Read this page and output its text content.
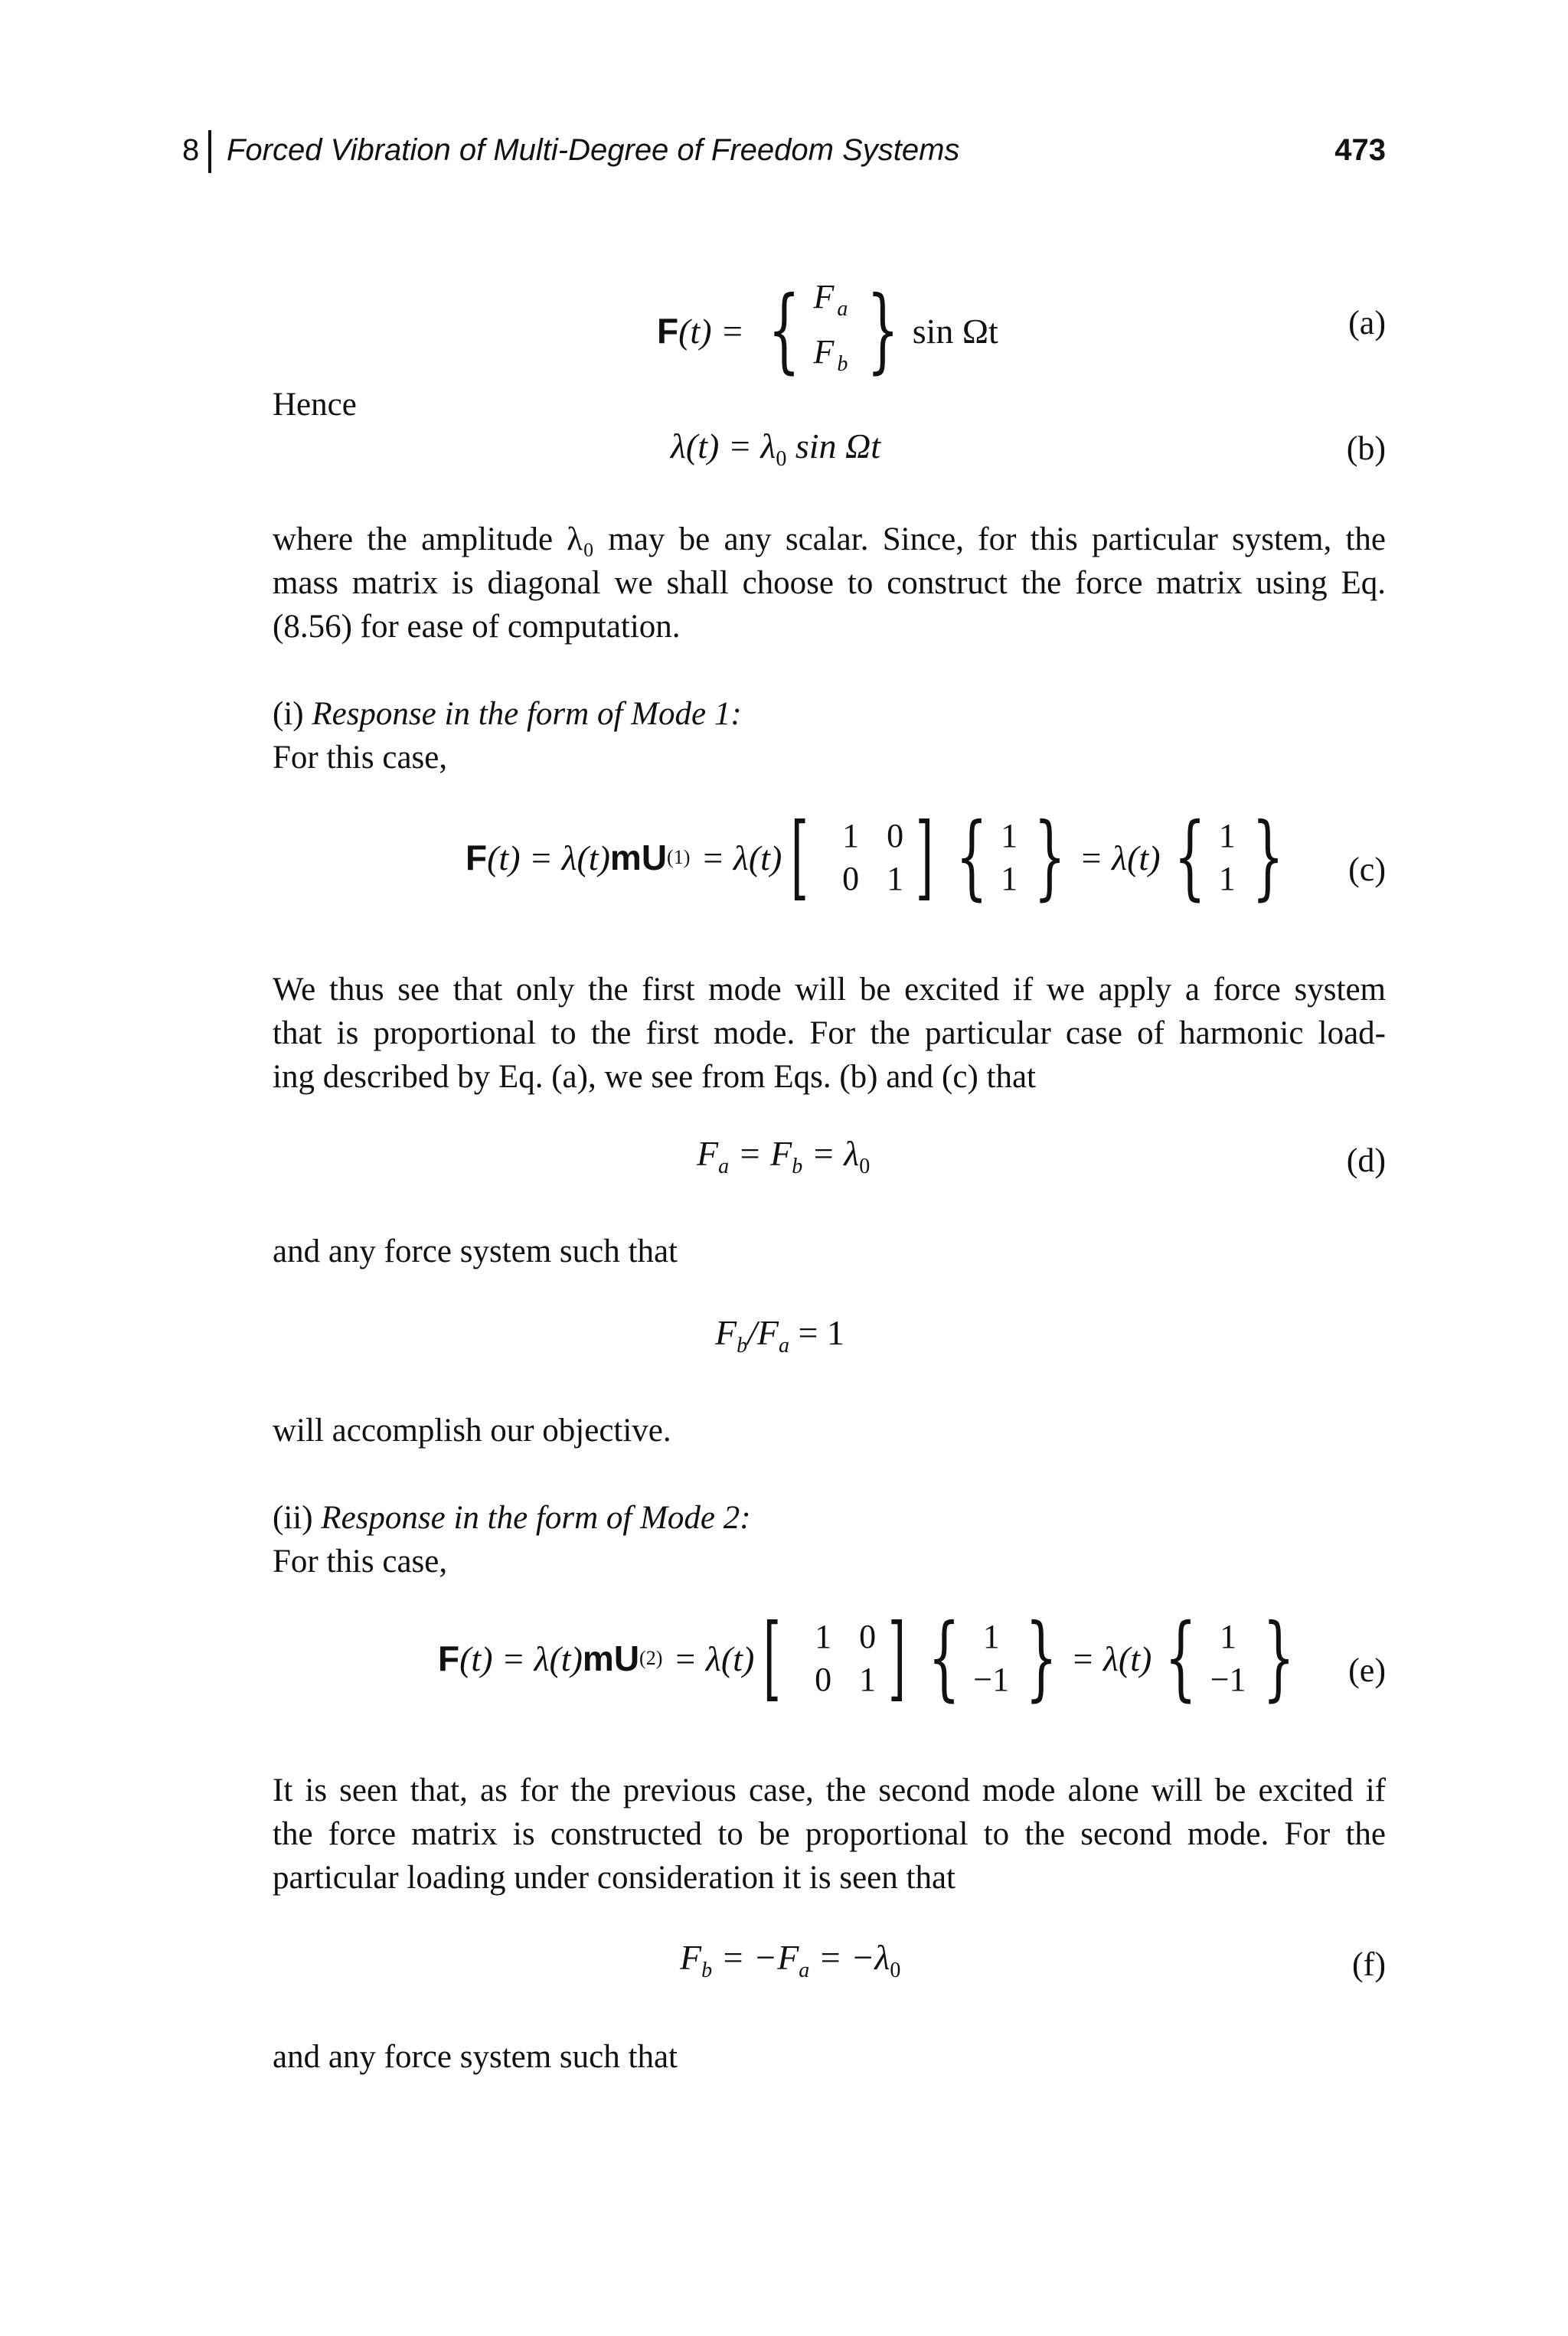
8 Forced Vibration of Multi-Degree of Freedom Systems	473
F (t) = { F $_a$
F $_b$ } sin Ωt	(a)
Hence
$\lambda(t) = \lambda_0$ sin Ωt	(b)
where the amplitude λ₀ may be any scalar. Since, for this particular system, the
mass matrix is diagonal we shall choose to construct the force matrix using Eq.
(8.56) for ease of computation.
(i) Response in the form of Mode 1:
For this case,
F (t) = λ(t) mU (1) = λ(t) [ 1 0
0 1 ] { 1
1 } = λ(t) { 1
1 } (c)
We thus see that only the first mode will be excited if we apply a force system
that is proportional to the first mode. For the particular case of harmonic load-
ing described by Eq. (a), we see from Eqs. (b) and (c) that
$F_a = F_b = \lambda_0$	(d)
and any force system such that
$F_b/F_a = 1$
will accomplish our objective.
(ii) Response in the form of Mode 2:
For this case,
F (t) = λ(t) mU (2) = λ(t) [ 1 0
0 1 ] { 1
−1 } = λ(t) { 1
−1 } (e)
It is seen that, as for the previous case, the second mode alone will be excited if
the force matrix is constructed to be proportional to the second mode. For the
particular loading under consideration it is seen that
$F_b = -F_a = -\lambda_0$	(f)
and any force system such that
